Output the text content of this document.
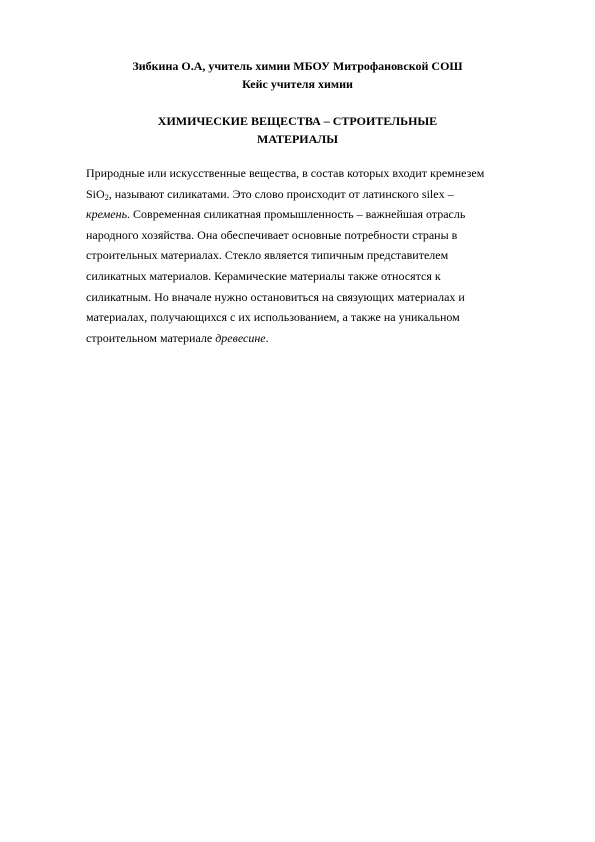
Зибкина О.А, учитель химии МБОУ Митрофановской СОШ
Кейс учителя химии
ХИМИЧЕСКИЕ ВЕЩЕСТВА – СТРОИТЕЛЬНЫЕ
МАТЕРИАЛЫ
Природные или искусственные вещества, в состав которых входит кремнезем
SiO$_2$, называют силикатами. Это слово происходит от латинского silex –
кремень. Современная силикатная промышленность – важнейшая отрасль
народного хозяйства. Она обеспечивает основные потребности страны в
строительных материалах. Стекло является типичным представителем
силикатных материалов. Керамические материалы также относятся к
силикатным. Но вначале нужно остановиться на связующих материалах и
материалах, получающихся с их использованием, а также на уникальном
строительном материале древесине.
